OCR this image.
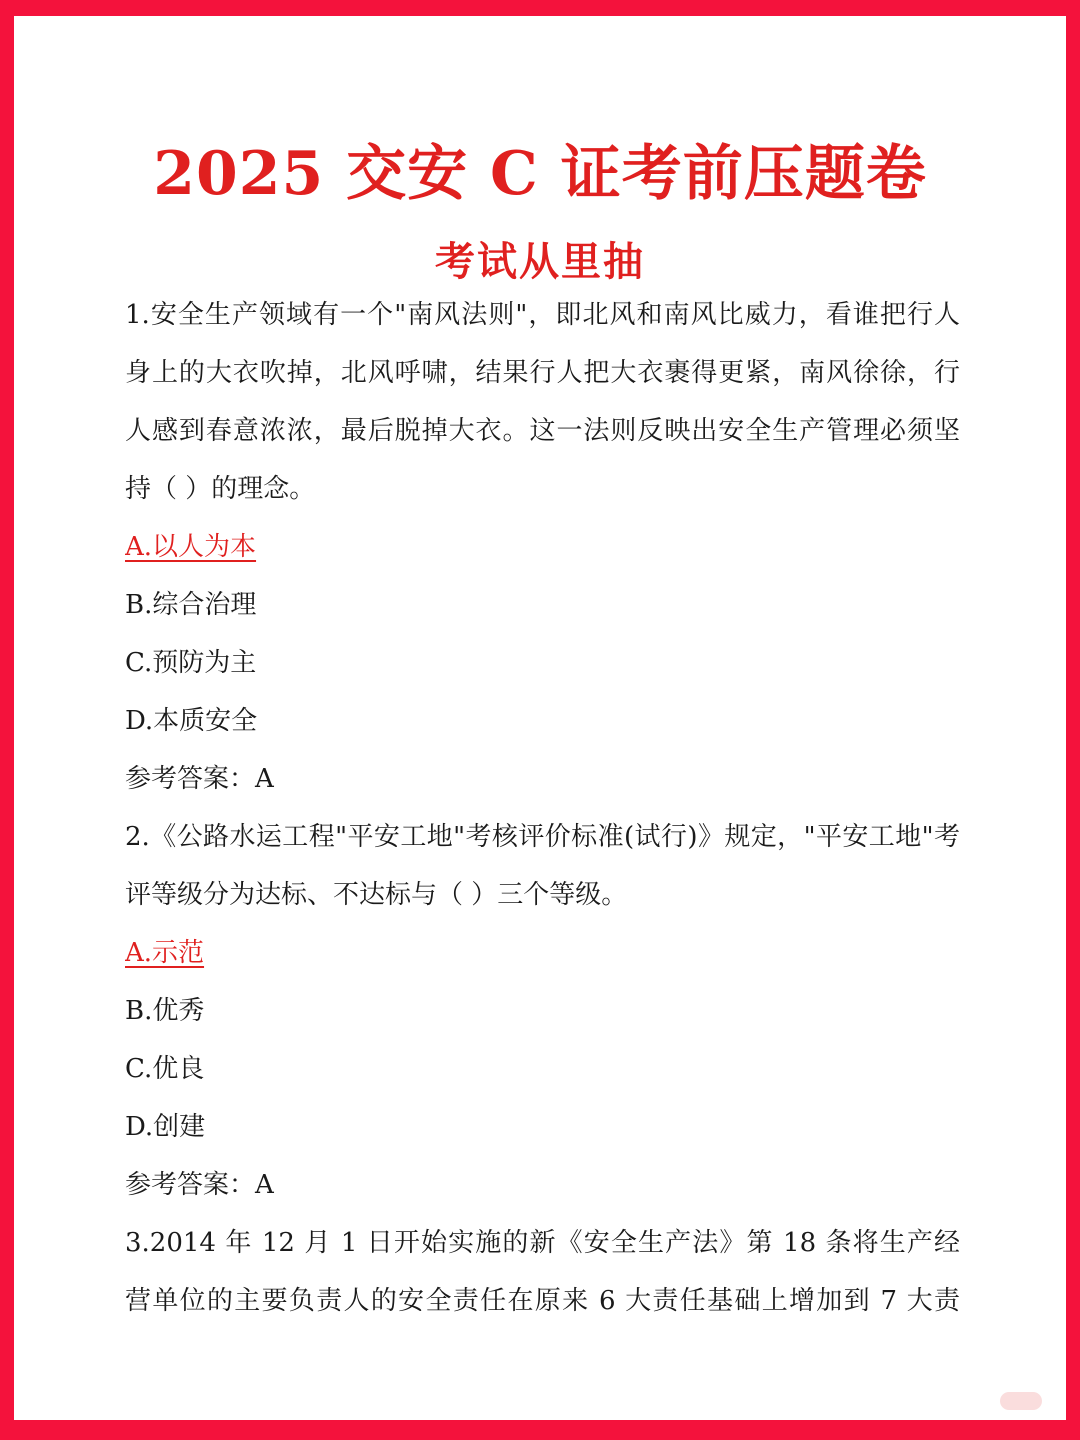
2025 交安 C 证考前压题卷
考试从里抽
1.安全生产领域有一个"南风法则"，即北风和南风比威力，看谁把行人
身上的大衣吹掉，北风呼啸，结果行人把大衣裹得更紧，南风徐徐，行
人感到春意浓浓，最后脱掉大衣。这一法则反映出安全生产管理必须坚
持（ ）的理念。
A.以人为本
B.综合治理
C.预防为主
D.本质安全
参考答案：A
2.《公路水运工程"平安工地"考核评价标准(试行)》规定，"平安工地"考
评等级分为达标、不达标与（ ）三个等级。
A.示范
B.优秀
C.优良
D.创建
参考答案：A
3.2014 年 12 月 1 日开始实施的新《安全生产法》第 18 条将生产经
营单位的主要负责人的安全责任在原来 6 大责任基础上增加到 7 大责
